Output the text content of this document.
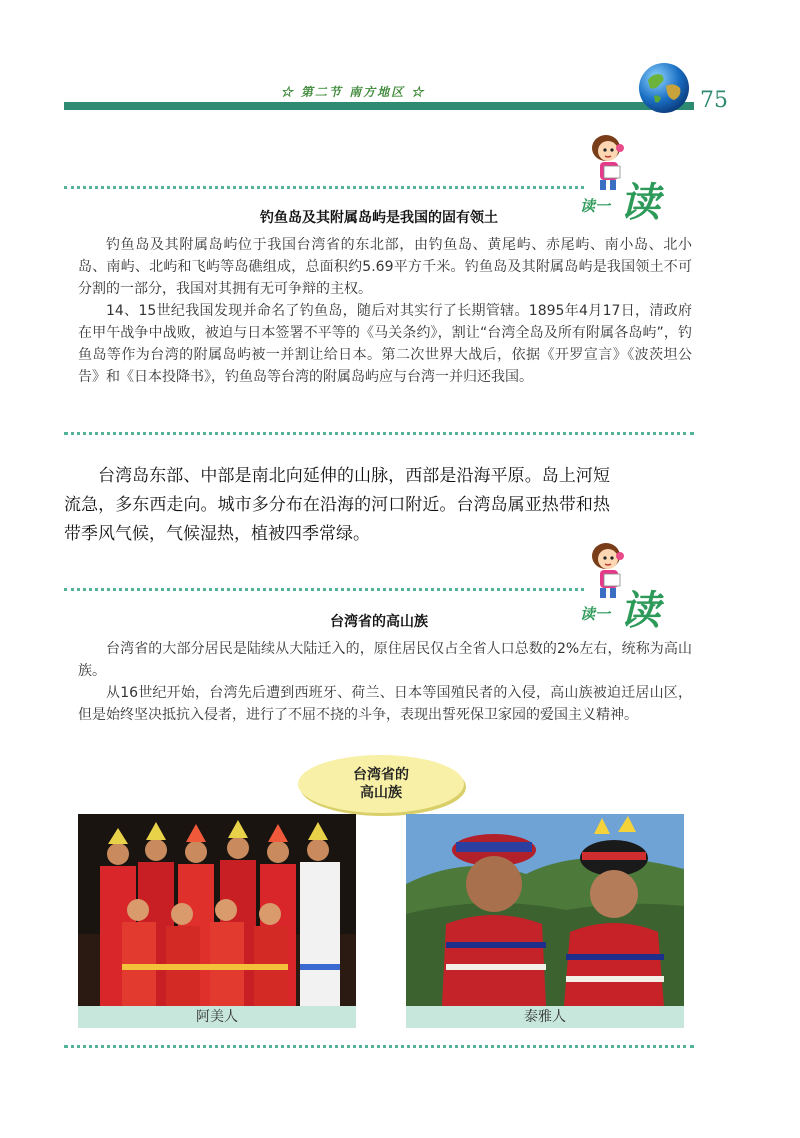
☆ 第二节 南方地区 ☆	75
读一 读
钓鱼岛及其附属岛屿是我国的固有领土

钓鱼岛及其附属岛屿位于我国台湾省的东北部，由钓鱼岛、黄尾屿、赤尾屿、南小岛、北小岛、南屿、北屿和飞屿等岛礁组成，总面积约5.69平方千米。钓鱼岛及其附属岛屿是我国领土不可分割的一部分，我国对其拥有无可争辩的主权。

14、15世纪我国发现并命名了钓鱼岛，随后对其实行了长期管辖。1895年4月17日，清政府在甲午战争中战败，被迫与日本签署不平等的《马关条约》，割让“台湾全岛及所有附属各岛屿”，钓鱼岛等作为台湾的附属岛屿被一并割让给日本。第二次世界大战后，依据《开罗宣言》《波茨坦公告》和《日本投降书》，钓鱼岛等台湾的附属岛屿应与台湾一并归还我国。

台湾岛东部、中部是南北向延伸的山脉，西部是沿海平原。岛上河短流急，多东西走向。城市多分布在沿海的河口附近。台湾岛属亚热带和热带季风气候，气候湿热，植被四季常绿。

读一 读
台湾省的高山族

台湾省的大部分居民是陆续从大陆迁入的，原住居民仅占全省人口总数的2%左右，统称为高山族。

从16世纪开始，台湾先后遭到西班牙、荷兰、日本等国殖民者的入侵，高山族被迫迁居山区，但是始终坚决抵抗入侵者，进行了不屈不挠的斗争，表现出誓死保卫家园的爱国主义精神。

台湾省的
高山族
阿美人	泰雅人
